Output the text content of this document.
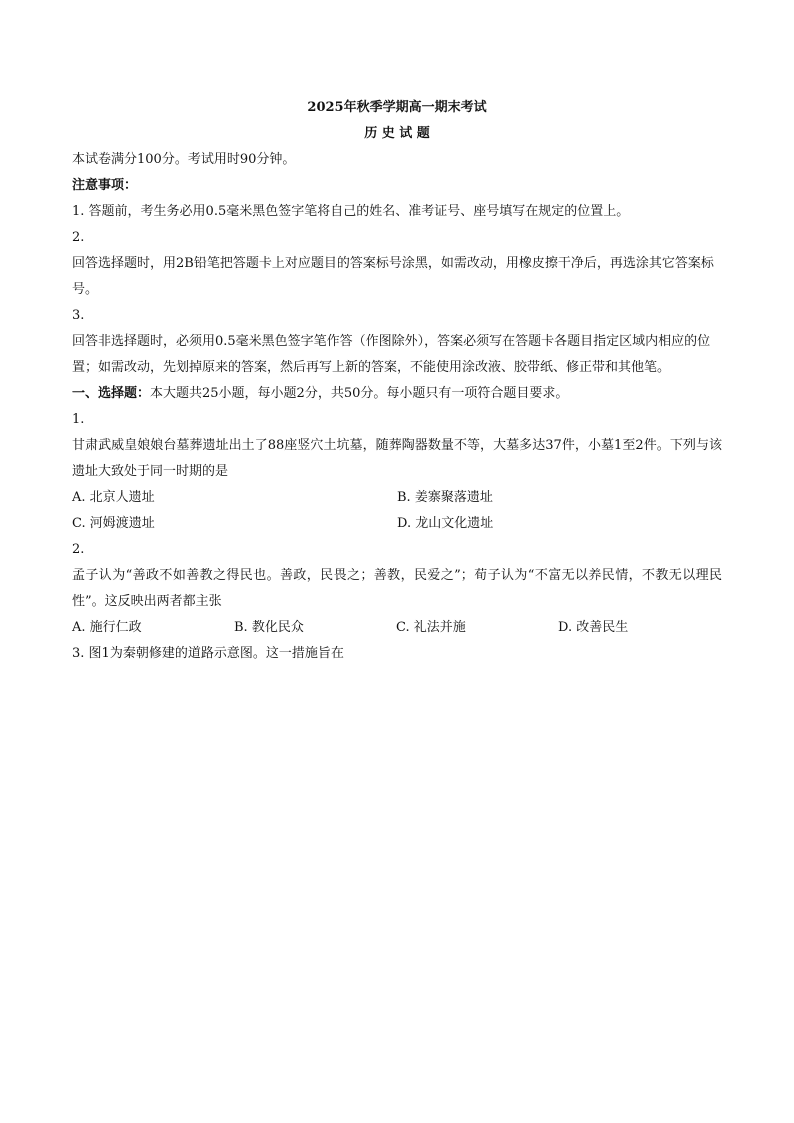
2025年秋季学期高一期末考试
历 史 试 题
本试卷满分100分。考试用时90分钟。
注意事项：
1. 答题前，考生务必用0.5毫米黑色签字笔将自己的姓名、准考证号、座号填写在规定的位置上。
2.
回答选择题时，用2B铅笔把答题卡上对应题目的答案标号涂黑，如需改动，用橡皮擦干净后，再选涂其它答案标号。
3.
回答非选择题时，必须用0.5毫米黑色签字笔作答（作图除外），答案必须写在答题卡各题目指定区域内相应的位置；如需改动，先划掉原来的答案，然后再写上新的答案，不能使用涂改液、胶带纸、修正带和其他笔。
一、选择题：本大题共25小题，每小题2分，共50分。每小题只有一项符合题目要求。
1.
甘肃武威皇娘娘台墓葬遗址出土了88座竖穴土坑墓，随葬陶器数量不等，大墓多达37件，小墓1至2件。下列与该遗址大致处于同一时期的是
A. 北京人遗址	B. 姜寨聚落遗址
C. 河姆渡遗址	D. 龙山文化遗址
2.
孟子认为“善政不如善教之得民也。善政，民畏之；善教，民爱之”；荀子认为“不富无以养民情，不教无以理民性”。这反映出两者都主张
A. 施行仁政	B. 教化民众	C. 礼法并施	D. 改善民生
3. 图1为秦朝修建的道路示意图。这一措施旨在
